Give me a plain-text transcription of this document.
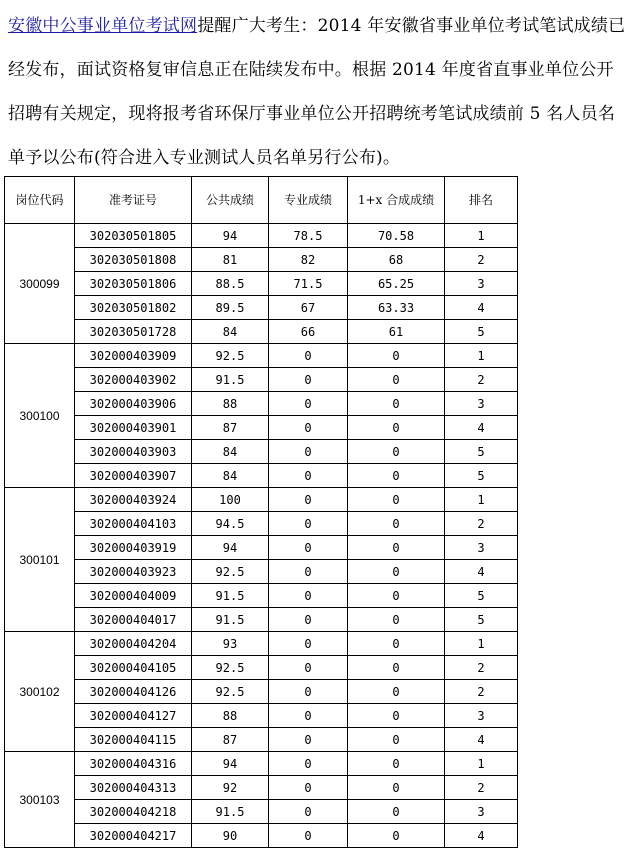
安徽中公事业单位考试网提醒广大考生：2014 年安徽省事业单位考试笔试成绩已经发布，面试资格复审信息正在陆续发布中。根据 2014 年度省直事业单位公开招聘有关规定，现将报考省环保厅事业单位公开招聘统考笔试成绩前 5 名人员名单予以公布(符合进入专业测试人员名单另行公布)。
岗位代码	准考证号	公共成绩	专业成绩	1+x 合成成绩	排名
300099	302030501805	94	78.5	70.58	1
	302030501808	81	82	68	2
	302030501806	88.5	71.5	65.25	3
	302030501802	89.5	67	63.33	4
	302030501728	84	66	61	5
300100	302000403909	92.5	0	0	1
	302000403902	91.5	0	0	2
	302000403906	88	0	0	3
	302000403901	87	0	0	4
	302000403903	84	0	0	5
	302000403907	84	0	0	5
300101	302000403924	100	0	0	1
	302000404103	94.5	0	0	2
	302000403919	94	0	0	3
	302000403923	92.5	0	0	4
	302000404009	91.5	0	0	5
	302000404017	91.5	0	0	5
300102	302000404204	93	0	0	1
	302000404105	92.5	0	0	2
	302000404126	92.5	0	0	2
	302000404127	88	0	0	3
	302000404115	87	0	0	4
300103	302000404316	94	0	0	1
	302000404313	92	0	0	2
	302000404218	91.5	0	0	3
	302000404217	90	0	0	4
